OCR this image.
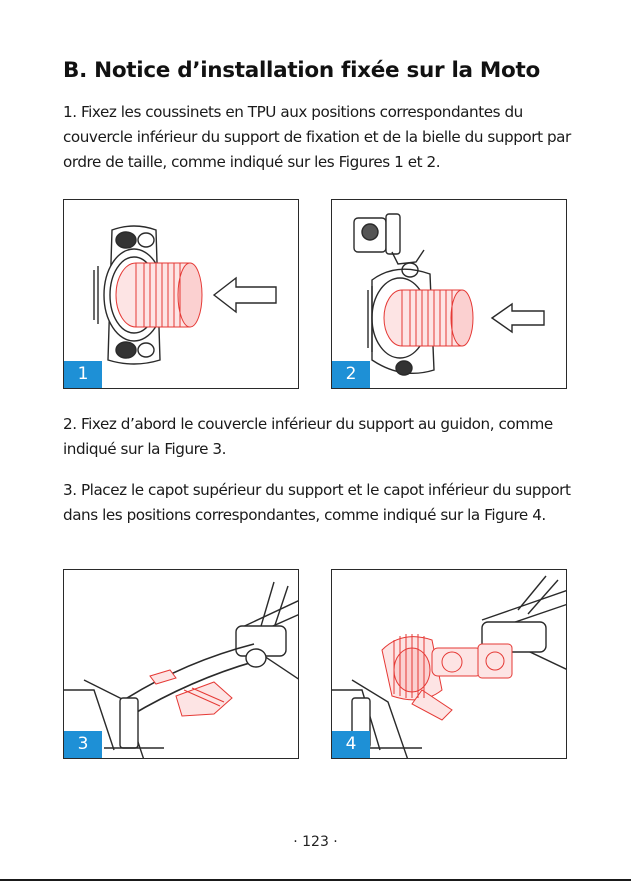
B. Notice d’installation fixée sur la Moto

1. Fixez les coussinets en TPU aux positions correspondantes du couvercle inférieur du support de fixation et de la bielle du support par ordre de taille, comme indiqué sur les Figures 1 et 2.

1	2

2. Fixez d’abord le couvercle inférieur du support au guidon, comme indiqué sur la Figure 3.

3. Placez le capot supérieur du support et le capot inférieur du support dans les positions correspondantes, comme indiqué sur la Figure 4.

3	4
· 123 ·
